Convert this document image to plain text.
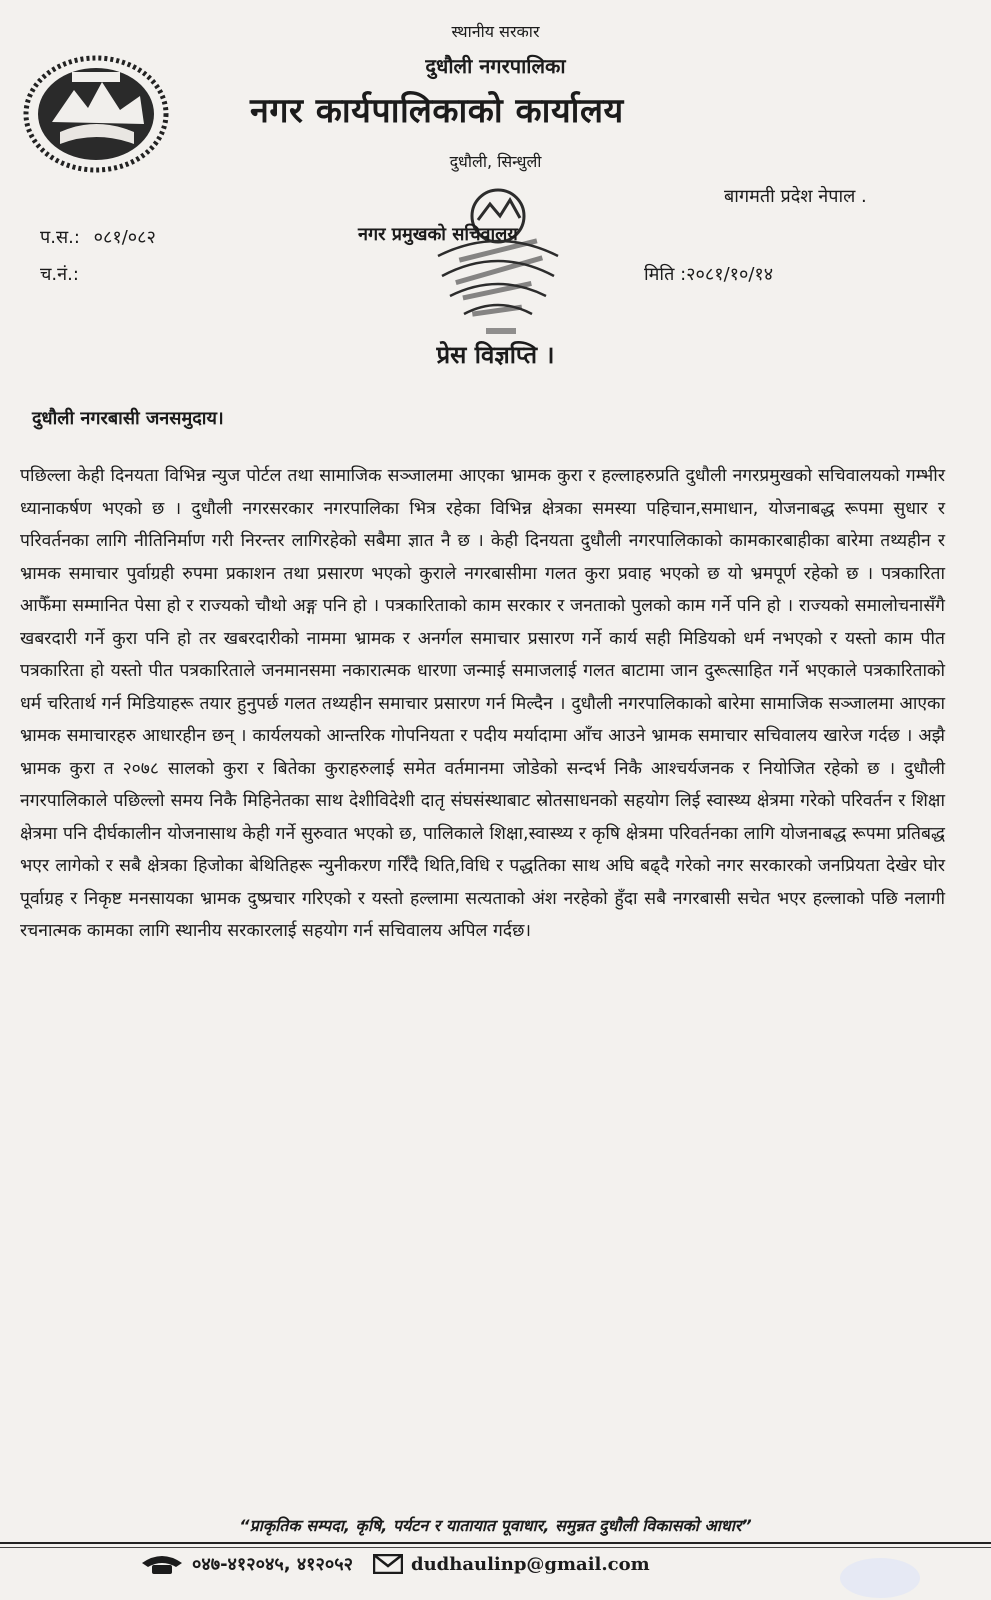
स्थानीय सरकार
दुधौली नगरपालिका
नगर कार्यपालिकाको कार्यालय
दुधौली, सिन्धुली
बागमती प्रदेश नेपाल .
प.स.: ०८१/०८२
च.नं.:
नगर प्रमुखको सचिवालय
मिति :२०८१/१०/१४
प्रेस विज्ञप्ति ।
दुधौली नगरबासी जनसमुदाय।
पछिल्ला केही दिनयता विभिन्न न्युज पोर्टल तथा सामाजिक सञ्जालमा आएका भ्रामक कुरा र हल्लाहरुप्रति दुधौली नगरप्रमुखको सचिवालयको गम्भीर ध्यानाकर्षण भएको छ । दुधौली नगरसरकार नगरपालिका भित्र रहेका विभिन्न क्षेत्रका समस्या पहिचान,समाधान, योजनाबद्ध रूपमा सुधार र परिवर्तनका लागि नीतिनिर्माण गरी निरन्तर लागिरहेको सबैमा ज्ञात नै छ । केही दिनयता दुधौली नगरपालिकाको कामकारबाहीका बारेमा तथ्यहीन र भ्रामक समाचार पुर्वाग्रही रुपमा प्रकाशन तथा प्रसारण भएको कुराले नगरबासीमा गलत कुरा प्रवाह भएको छ यो भ्रमपूर्ण रहेको छ । पत्रकारिता आफैँमा सम्मानित पेसा हो र राज्यको चौथो अङ्ग पनि हो । पत्रकारिताको काम सरकार र जनताको पुलको काम गर्ने पनि हो । राज्यको समालोचनासँगै खबरदारी गर्ने कुरा पनि हो तर खबरदारीको नाममा भ्रामक र अनर्गल समाचार प्रसारण गर्ने कार्य सही मिडियको धर्म नभएको र यस्तो काम पीत पत्रकारिता हो यस्तो पीत पत्रकारिताले जनमानसमा नकारात्मक धारणा जन्माई समाजलाई गलत बाटामा जान दुरूत्साहित गर्ने भएकाले पत्रकारिताको धर्म चरितार्थ गर्न मिडियाहरू तयार हुनुपर्छ गलत तथ्यहीन समाचार प्रसारण गर्न मिल्दैन । दुधौली नगरपालिकाको बारेमा सामाजिक सञ्जालमा आएका भ्रामक समाचारहरु आधारहीन छन् । कार्यलयको आन्तरिक गोपनियता र पदीय मर्यादामा आँच आउने भ्रामक समाचार सचिवालय खारेज गर्दछ । अझै भ्रामक कुरा त २०७८ सालको कुरा र बितेका कुराहरुलाई समेत वर्तमानमा जोडेको सन्दर्भ निकै आश्चर्यजनक र नियोजित रहेको छ । दुधौली नगरपालिकाले पछिल्लो समय निकै मिहिनेतका साथ देशीविदेशी दातृ संघसंस्थाबाट स्रोतसाधनको सहयोग लिई स्वास्थ्य क्षेत्रमा गरेको परिवर्तन र शिक्षा क्षेत्रमा पनि दीर्घकालीन योजनासाथ केही गर्ने सुरुवात भएको छ, पालिकाले शिक्षा,स्वास्थ्य र कृषि क्षेत्रमा परिवर्तनका लागि योजनाबद्ध रूपमा प्रतिबद्ध भएर लागेको र सबै क्षेत्रका हिजोका बेथितिहरू न्युनीकरण गर्रिँदै थिति,विधि र पद्धतिका साथ अघि बढ्दै गरेको नगर सरकारको जनप्रियता देखेर घोर पूर्वाग्रह र निकृष्ट मनसायका भ्रामक दुष्प्रचार गरिएको र यस्तो हल्लामा सत्यताको अंश नरहेको हुँदा सबै नगरबासी सचेत भएर हल्लाको पछि नलागी रचनात्मक कामका लागि स्थानीय सरकारलाई सहयोग गर्न सचिवालय अपिल गर्दछ।
“प्राकृतिक सम्पदा, कृषि, पर्यटन र यातायात पूवाधार, समुन्नत दुधौली विकासको आधार”
०४७-४१२०४५, ४१२०५२	dudhaulinp@gmail.com
